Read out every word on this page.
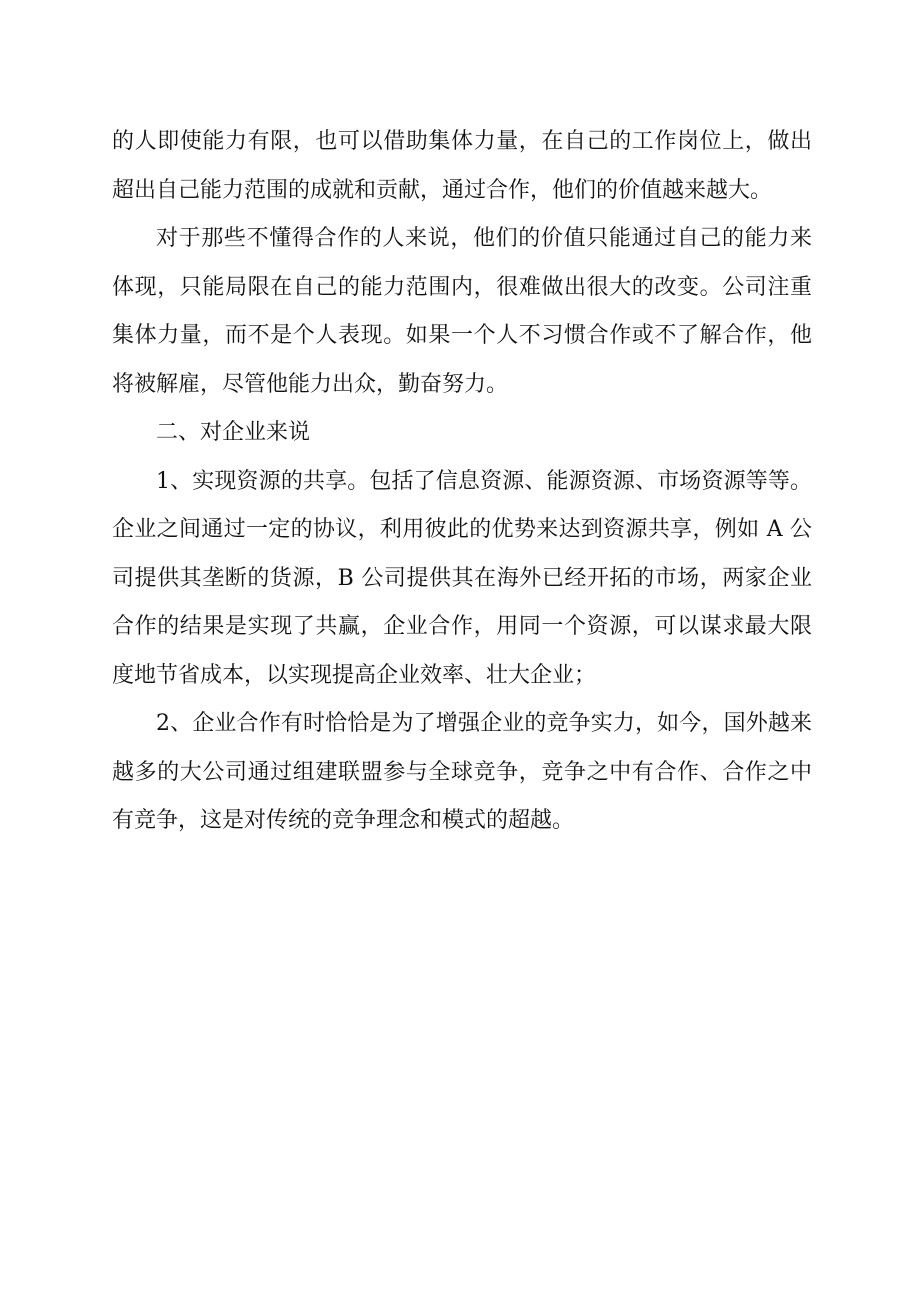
的人即使能力有限，也可以借助集体力量，在自己的工作岗位上，做出超出自己能力范围的成就和贡献，通过合作，他们的价值越来越大。

对于那些不懂得合作的人来说，他们的价值只能通过自己的能力来体现，只能局限在自己的能力范围内，很难做出很大的改变。公司注重集体力量，而不是个人表现。如果一个人不习惯合作或不了解合作，他将被解雇，尽管他能力出众，勤奋努力。

二、对企业来说

1、实现资源的共享。包括了信息资源、能源资源、市场资源等等。企业之间通过一定的协议，利用彼此的优势来达到资源共享，例如 A 公司提供其垄断的货源，B 公司提供其在海外已经开拓的市场，两家企业合作的结果是实现了共赢，企业合作，用同一个资源，可以谋求最大限度地节省成本，以实现提高企业效率、壮大企业；

2、企业合作有时恰恰是为了增强企业的竞争实力，如今，国外越来越多的大公司通过组建联盟参与全球竞争，竞争之中有合作、合作之中有竞争，这是对传统的竞争理念和模式的超越。
